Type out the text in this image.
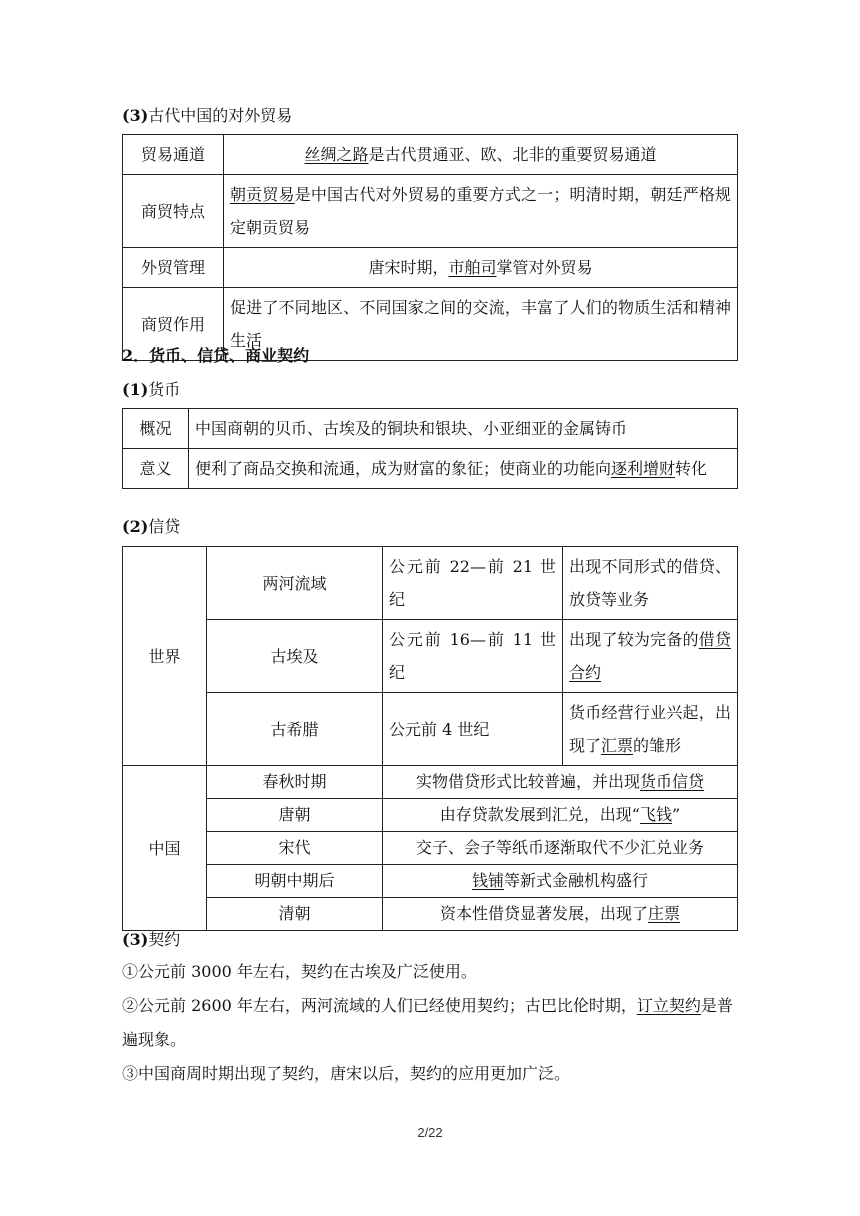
(3)古代中国的对外贸易
贸易通道	丝绸之路是古代贯通亚、欧、北非的重要贸易通道
商贸特点	朝贡贸易是中国古代对外贸易的重要方式之一；明清时期，朝廷严格规定朝贡贸易
外贸管理	唐宋时期，市舶司掌管对外贸易
商贸作用	促进了不同地区、不同国家之间的交流，丰富了人们的物质生活和精神生活
2．货币、信贷、商业契约
(1)货币
概况	中国商朝的贝币、古埃及的铜块和银块、小亚细亚的金属铸币
意义	便利了商品交换和流通，成为财富的象征；使商业的功能向逐利增财转化
(2)信贷
世界	两河流域	公元前 22—前 21 世纪	出现不同形式的借贷、放贷等业务
	古埃及	公元前 16—前 11 世纪	出现了较为完备的借贷合约
	古希腊	公元前 4 世纪	货币经营行业兴起，出现了汇票的雏形
中国	春秋时期	实物借贷形式比较普遍，并出现货币信贷	
	唐朝	由存贷款发展到汇兑，出现“飞钱”	
	宋代	交子、会子等纸币逐渐取代不少汇兑业务	
	明朝中期后	钱铺等新式金融机构盛行	
	清朝	资本性借贷显著发展，出现了庄票	
(3)契约
①公元前 3000 年左右，契约在古埃及广泛使用。
②公元前 2600 年左右，两河流域的人们已经使用契约；古巴比伦时期，订立契约是普遍现象。
③中国商周时期出现了契约，唐宋以后，契约的应用更加广泛。
2/22
